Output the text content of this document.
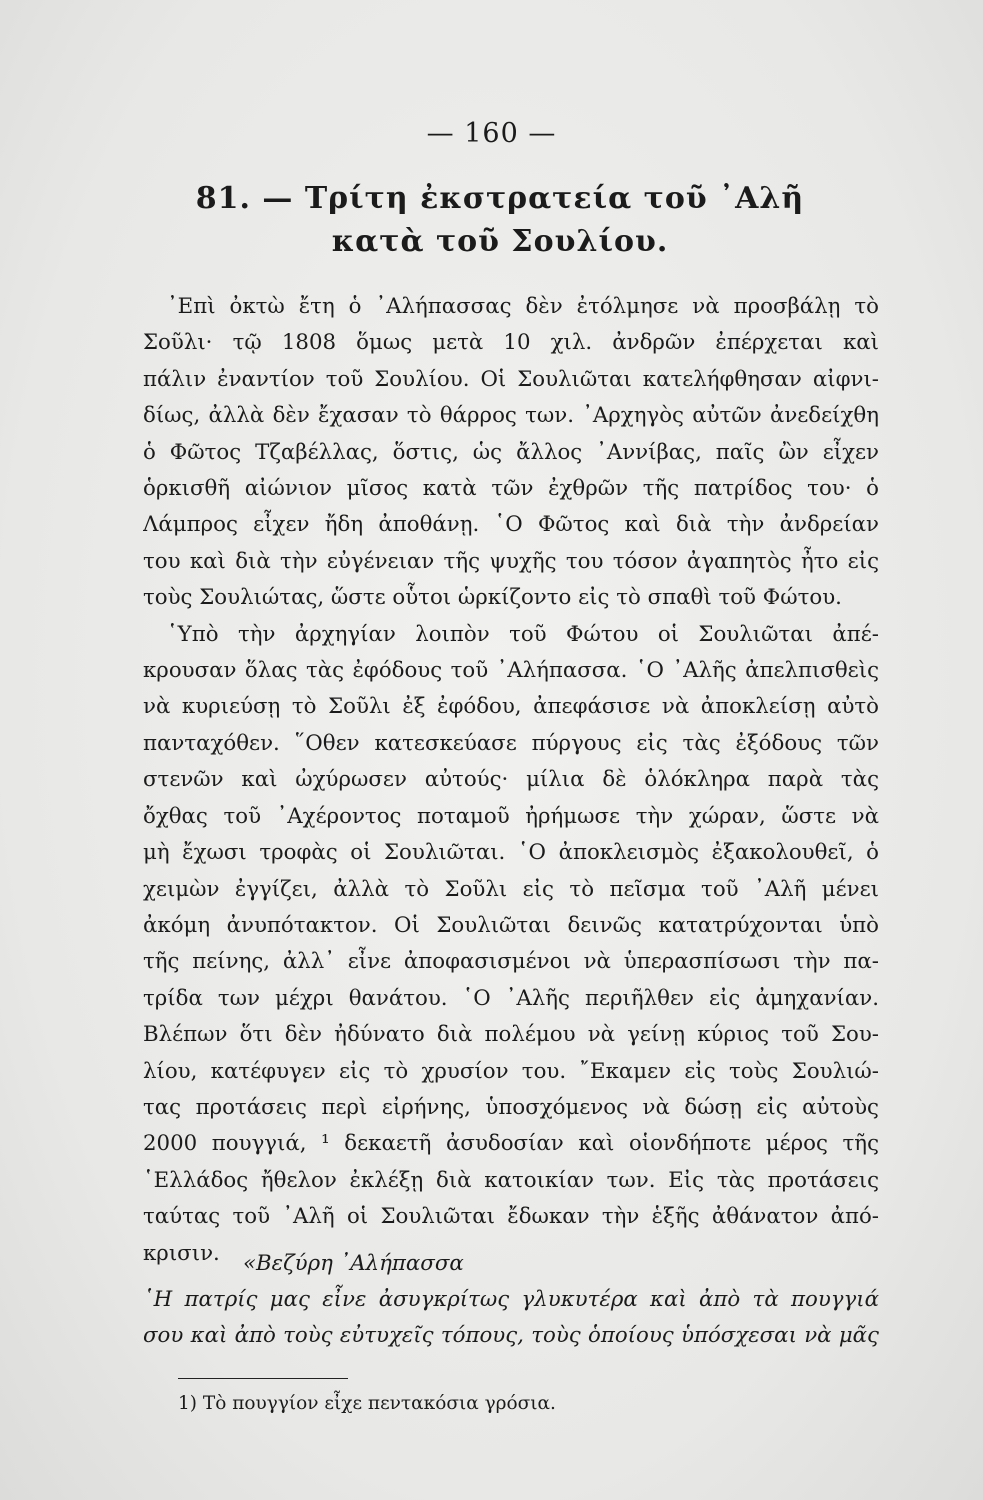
— 160 —
81. — Τρίτη ἐκστρατεία τοῦ ᾿Αλῆ
κατὰ τοῦ Σουλίου.
᾿Επὶ ὀκτὼ ἔτη ὁ ᾿Αλήπασσας δὲν ἐτόλμησε νὰ προσβάλῃ τὸ
Σοῦλι· τῷ 1808 ὅμως μετὰ 10 χιλ. ἀνδρῶν ἐπέρχεται καὶ
πάλιν ἐναντίον τοῦ Σουλίου. Οἱ Σουλιῶται κατελήφθησαν αἰφνι-
δίως, ἀλλὰ δὲν ἔχασαν τὸ θάρρος των. ᾿Αρχηγὸς αὐτῶν ἀνεδείχθη
ὁ Φῶτος Τζαβέλλας, ὅστις, ὡς ἄλλος ᾿Αννίβας, παῖς ὢν εἶχεν
ὁρκισθῆ αἰώνιον μῖσος κατὰ τῶν ἐχθρῶν τῆς πατρίδος του· ὁ
Λάμπρος εἶχεν ἤδη ἀποθάνῃ. ῾Ο Φῶτος καὶ διὰ τὴν ἀνδρείαν
του καὶ διὰ τὴν εὐγένειαν τῆς ψυχῆς του τόσον ἀγαπητὸς ἦτο εἰς
τοὺς Σουλιώτας, ὥστε οὗτοι ὡρκίζοντο εἰς τὸ σπαθὶ τοῦ Φώτου.
῾Υπὸ τὴν ἀρχηγίαν λοιπὸν τοῦ Φώτου οἱ Σουλιῶται ἀπέ-
κρουσαν ὅλας τὰς ἐφόδους τοῦ ᾿Αλήπασσα. ῾Ο ᾿Αλῆς ἀπελπισθεὶς
νὰ κυριεύσῃ τὸ Σοῦλι ἐξ ἐφόδου, ἀπεφάσισε νὰ ἀποκλείσῃ αὐτὸ
πανταχόθεν. ῞Οθεν κατεσκεύασε πύργους εἰς τὰς ἐξόδους τῶν
στενῶν καὶ ὠχύρωσεν αὐτούς· μίλια δὲ ὁλόκληρα παρὰ τὰς
ὄχθας τοῦ ᾿Αχέροντος ποταμοῦ ἠρήμωσε τὴν χώραν, ὥστε νὰ
μὴ ἔχωσι τροφὰς οἱ Σουλιῶται. ῾Ο ἀποκλεισμὸς ἐξακολουθεῖ, ὁ
χειμὼν ἐγγίζει, ἀλλὰ τὸ Σοῦλι εἰς τὸ πεῖσμα τοῦ ᾿Αλῆ μένει
ἀκόμη ἀνυπότακτον. Οἱ Σουλιῶται δεινῶς κατατρύχονται ὑπὸ
τῆς πείνης, ἀλλ᾿ εἶνε ἀποφασισμένοι νὰ ὑπερασπίσωσι τὴν πα-
τρίδα των μέχρι θανάτου. ῾Ο ᾿Αλῆς περιῆλθεν εἰς ἀμηχανίαν.
Βλέπων ὅτι δὲν ἠδύνατο διὰ πολέμου νὰ γείνῃ κύριος τοῦ Σου-
λίου, κατέφυγεν εἰς τὸ χρυσίον του. ῎Εκαμεν εἰς τοὺς Σουλιώ-
τας προτάσεις περὶ εἰρήνης, ὑποσχόμενος νὰ δώσῃ εἰς αὐτοὺς
2000 πουγγιά, ¹ δεκαετῆ ἀσυδοσίαν καὶ οἱονδήποτε μέρος τῆς
῾Ελλάδος ἤθελον ἐκλέξῃ διὰ κατοικίαν των. Εἰς τὰς προτάσεις
ταύτας τοῦ ᾿Αλῆ οἱ Σουλιῶται ἔδωκαν τὴν ἑξῆς ἀθάνατον ἀπό-
κρισιν.	«Βεζύρη ᾿Αλήπασσα
῾Η πατρίς μας εἶνε ἀσυγκρίτως γλυκυτέρα καὶ ἀπὸ τὰ πουγγιά
σου καὶ ἀπὸ τοὺς εὐτυχεῖς τόπους, τοὺς ὁποίους ὑπόσχεσαι νὰ μᾶς
1) Τὸ πουγγίον εἶχε πεντακόσια γρόσια.
